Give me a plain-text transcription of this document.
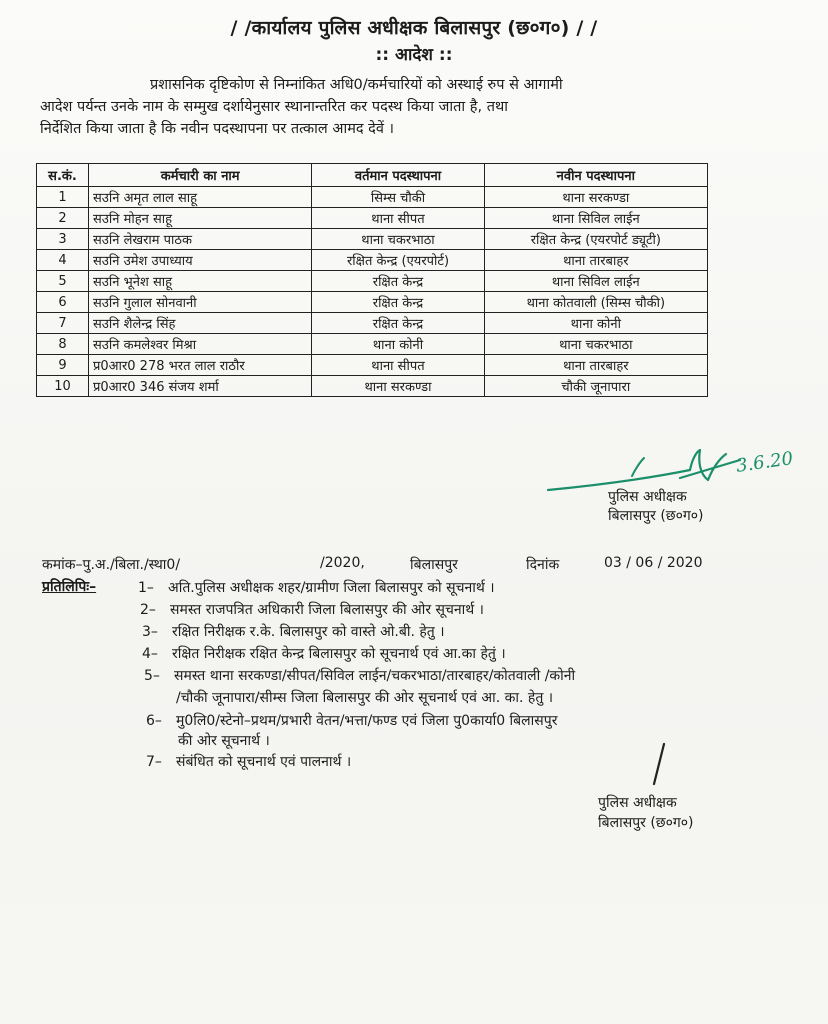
/ /कार्यालय पुलिस अधीक्षक बिलासपुर (छ०ग०) / /
:: आदेश ::
प्रशासनिक दृष्टिकोण से निम्नांकित अधि0/कर्मचारियों को अस्थाई रुप से आगामी
आदेश पर्यन्त उनके नाम के सम्मुख दर्शायेनुसार स्थानान्तरित कर पदस्थ किया जाता है, तथा
निर्देशित किया जाता है कि नवीन पदस्थापना पर तत्काल आमद देवें ।
स.कं.	कर्मचारी का नाम	वर्तमान पदस्थापना	नवीन पदस्थापना
1	सउनि अमृत लाल साहू	सिम्स चौकी	थाना सरकण्डा
2	सउनि मोहन साहू	थाना सीपत	थाना सिविल लाईन
3	सउनि लेखराम पाठक	थाना चकरभाठा	रक्षित केन्द्र (एयरपोर्ट ड्यूटी)
4	सउनि उमेश उपाध्याय	रक्षित केन्द्र (एयरपोर्ट)	थाना तारबाहर
5	सउनि भूनेश साहू	रक्षित केन्द्र	थाना सिविल लाईन
6	सउनि गुलाल सोनवानी	रक्षित केन्द्र	थाना कोतवाली (सिम्स चौकी)
7	सउनि शैलेन्द्र सिंह	रक्षित केन्द्र	थाना कोनी
8	सउनि कमलेश्वर मिश्रा	थाना कोनी	थाना चकरभाठा
9	प्र0आर0 278 भरत लाल राठौर	थाना सीपत	थाना तारबाहर
10	प्र0आर0 346 संजय शर्मा	थाना सरकण्डा	चौकी जूनापारा
3.6.20
पुलिस अधीक्षक
बिलासपुर (छ०ग०)
कमांक–पु.अ./बिला./स्था0/	/2020,	बिलासपुर	दिनांक	03 / 06 / 2020
प्रतिलिपिः–	1– अति.पुलिस अधीक्षक शहर/ग्रामीण जिला बिलासपुर को सूचनार्थ ।
2– समस्त राजपत्रित अधिकारी जिला बिलासपुर की ओर सूचनार्थ ।
3– रक्षित निरीक्षक र.के. बिलासपुर को वास्ते ओ.बी. हेतु ।
4– रक्षित निरीक्षक रक्षित केन्द्र बिलासपुर को सूचनार्थ एवं आ.का हेतुं ।
5– समस्त थाना सरकण्डा/सीपत/सिविल लाईन/चकरभाठा/तारबाहर/कोतवाली /कोनी
/चौकी जूनापारा/सीम्स जिला बिलासपुर की ओर सूचनार्थ एवं आ. का. हेतु ।
6– मु0लि0/स्टेनो–प्रथम/प्रभारी वेतन/भत्ता/फण्ड एवं जिला पु0कार्या0 बिलासपुर
की ओर सूचनार्थ ।
7– संबंधित को सूचनार्थ एवं पालनार्थ ।
पुलिस अधीक्षक
बिलासपुर (छ०ग०)
